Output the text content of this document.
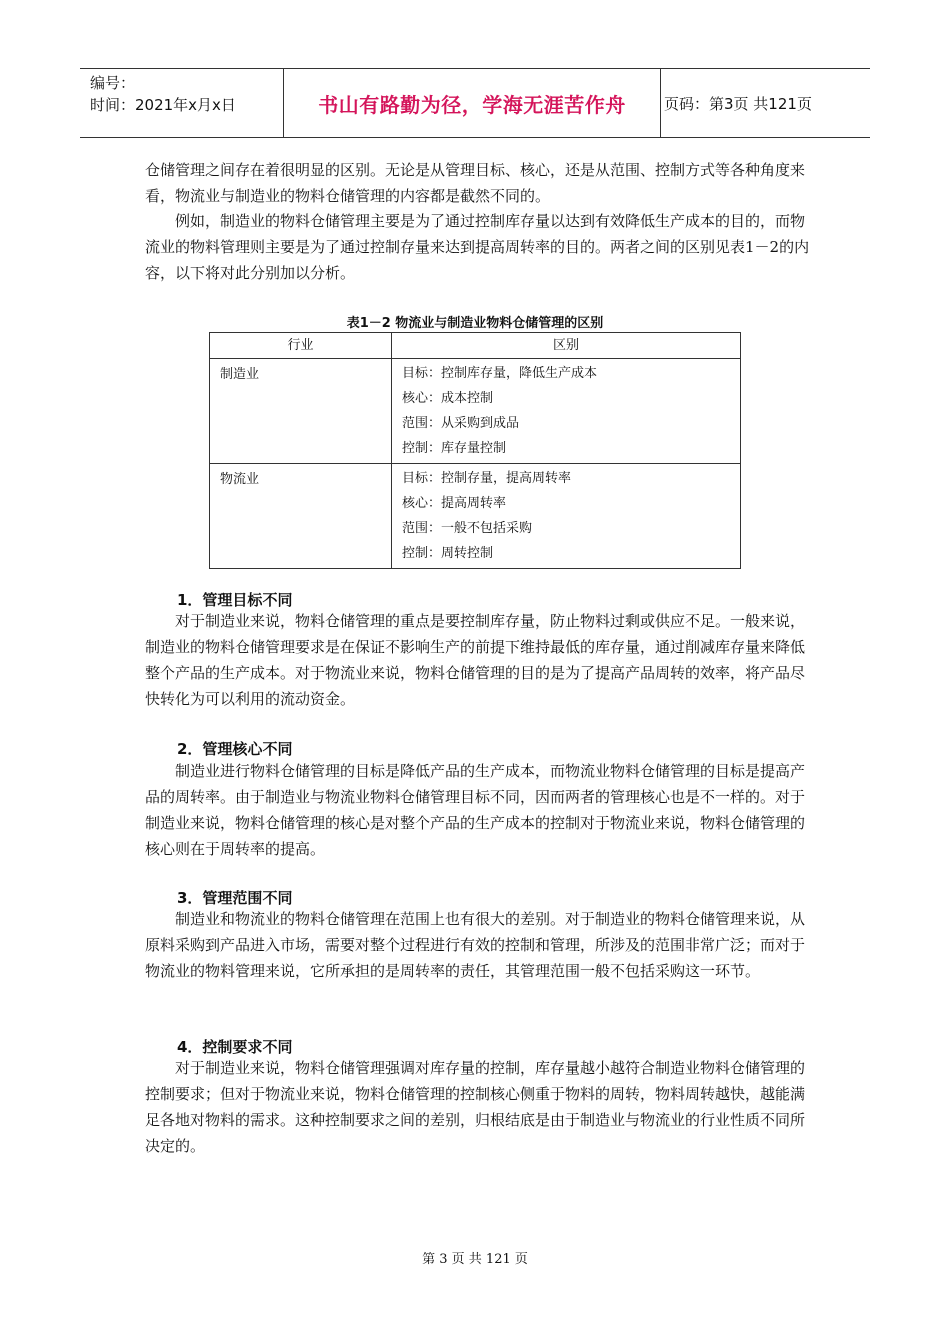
编号：
时间：2021年x月x日	书山有路勤为径，学海无涯苦作舟	页码：第3页 共121页

仓储管理之间存在着很明显的区别。无论是从管理目标、核心，还是从范围、控制方式等各种角度来看，物流业与制造业的物料仓储管理的内容都是截然不同的。

例如，制造业的物料仓储管理主要是为了通过控制库存量以达到有效降低生产成本的目的，而物流业的物料管理则主要是为了通过控制存量来达到提高周转率的目的。两者之间的区别见表1－2的内容，以下将对此分别加以分析。

表1－2 物流业与制造业物料仓储管理的区别
行业	区别
制造业	目标：控制库存量，降低生产成本
核心：成本控制
范围：从采购到成品
控制：库存量控制

物流业	目标：控制存量，提高周转率
核心：提高周转率
范围：一般不包括采购
控制：周转控制

1．管理目标不同

对于制造业来说，物料仓储管理的重点是要控制库存量，防止物料过剩或供应不足。一般来说，制造业的物料仓储管理要求是在保证不影响生产的前提下维持最低的库存量，通过削减库存量来降低整个产品的生产成本。对于物流业来说，物料仓储管理的目的是为了提高产品周转的效率，将产品尽快转化为可以利用的流动资金。

2．管理核心不同

制造业进行物料仓储管理的目标是降低产品的生产成本，而物流业物料仓储管理的目标是提高产品的周转率。由于制造业与物流业物料仓储管理目标不同，因而两者的管理核心也是不一样的。对于制造业来说，物料仓储管理的核心是对整个产品的生产成本的控制对于物流业来说，物料仓储管理的核心则在于周转率的提高。

3．管理范围不同

制造业和物流业的物料仓储管理在范围上也有很大的差别。对于制造业的物料仓储管理来说，从原料采购到产品进入市场，需要对整个过程进行有效的控制和管理，所涉及的范围非常广泛；而对于物流业的物料管理来说，它所承担的是周转率的责任，其管理范围一般不包括采购这一环节。

4．控制要求不同

对于制造业来说，物料仓储管理强调对库存量的控制，库存量越小越符合制造业物料仓储管理的控制要求；但对于物流业来说，物料仓储管理的控制核心侧重于物料的周转，物料周转越快，越能满足各地对物料的需求。这种控制要求之间的差别，归根结底是由于制造业与物流业的行业性质不同所决定的。

第 3 页 共 121 页
